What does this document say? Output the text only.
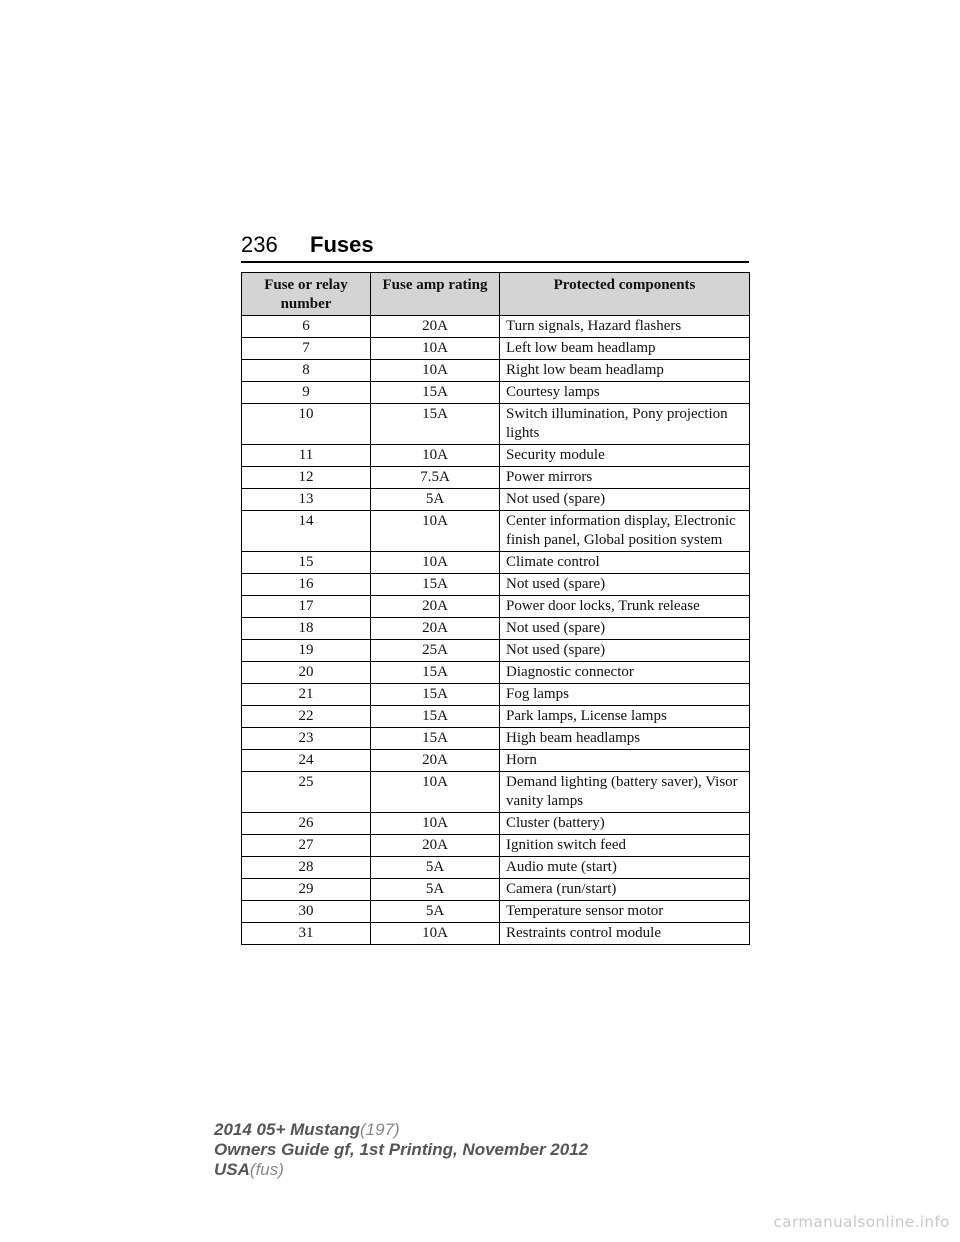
236 Fuses
Fuse or relay number	Fuse amp rating	Protected components
6	20A	Turn signals, Hazard flashers
7	10A	Left low beam headlamp
8	10A	Right low beam headlamp
9	15A	Courtesy lamps
10	15A	Switch illumination, Pony projection lights
11	10A	Security module
12	7.5A	Power mirrors
13	5A	Not used (spare)
14	10A	Center information display, Electronic finish panel, Global position system
15	10A	Climate control
16	15A	Not used (spare)
17	20A	Power door locks, Trunk release
18	20A	Not used (spare)
19	25A	Not used (spare)
20	15A	Diagnostic connector
21	15A	Fog lamps
22	15A	Park lamps, License lamps
23	15A	High beam headlamps
24	20A	Horn
25	10A	Demand lighting (battery saver), Visor vanity lamps
26	10A	Cluster (battery)
27	20A	Ignition switch feed
28	5A	Audio mute (start)
29	5A	Camera (run/start)
30	5A	Temperature sensor motor
31	10A	Restraints control module
2014 05+ Mustang(197)
Owners Guide gf, 1st Printing, November 2012
USA(fus)
carmanualsonline.info
